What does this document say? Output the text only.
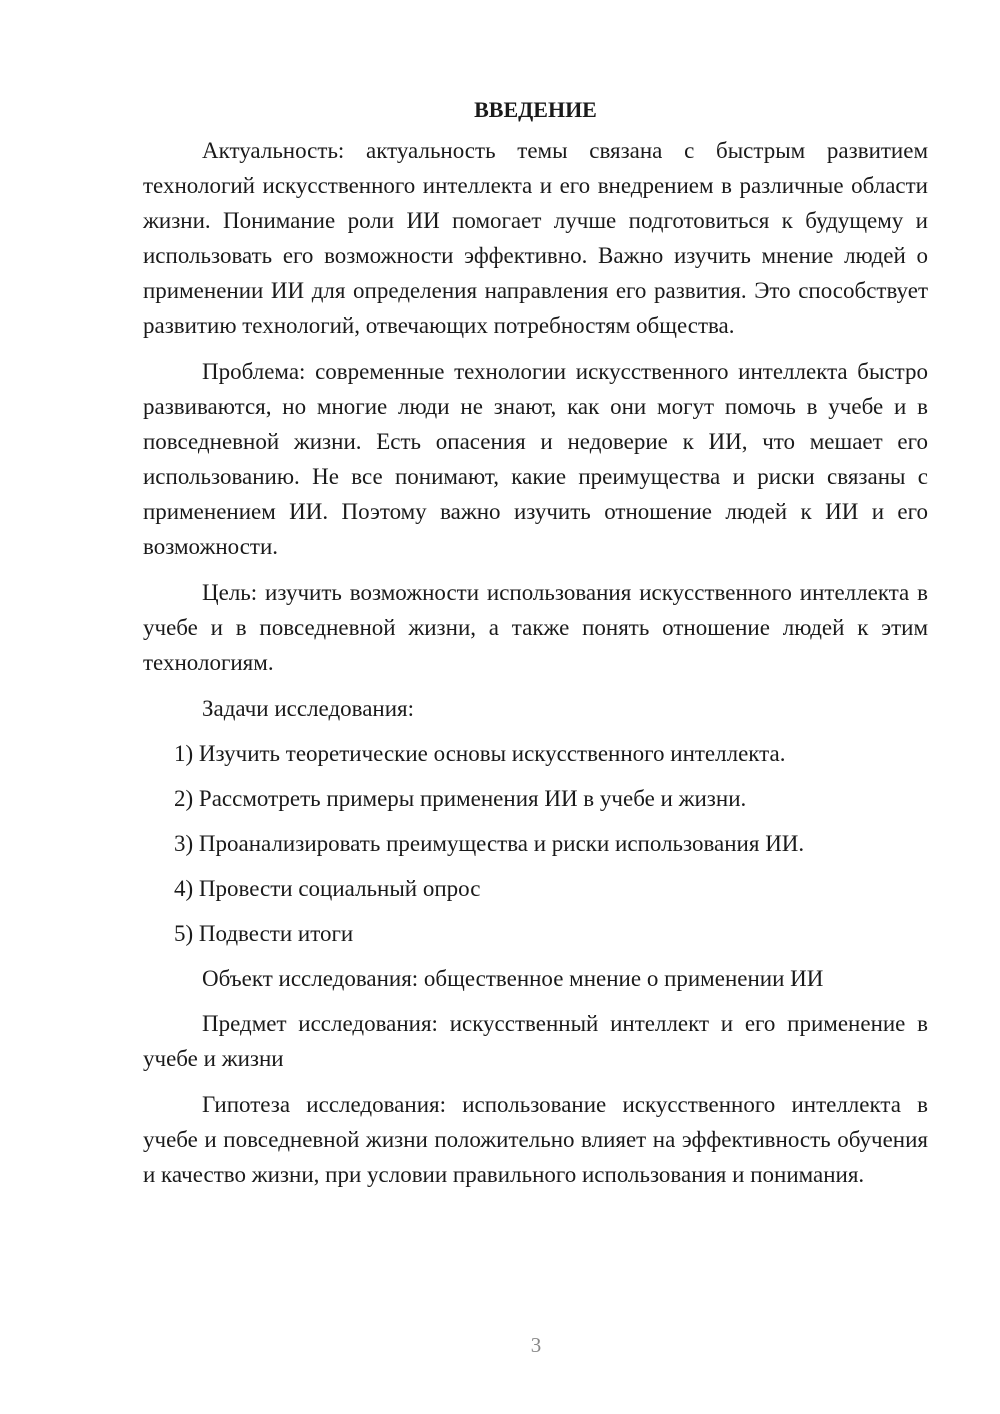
ВВЕДЕНИЕ

Актуальность: актуальность темы связана с быстрым развитием технологий искусственного интеллекта и его внедрением в различные области жизни. Понимание роли ИИ помогает лучше подготовиться к будущему и использовать его возможности эффективно. Важно изучить мнение людей о применении ИИ для определения направления его развития. Это способствует развитию технологий, отвечающих потребностям общества.

Проблема: современные технологии искусственного интеллекта быстро развиваются, но многие люди не знают, как они могут помочь в учебе и в повседневной жизни. Есть опасения и недоверие к ИИ, что мешает его использованию. Не все понимают, какие преимущества и риски связаны с применением ИИ. Поэтому важно изучить отношение людей к ИИ и его возможности.

Цель: изучить возможности использования искусственного интеллекта в учебе и в повседневной жизни, а также понять отношение людей к этим технологиям.

Задачи исследования:

1) Изучить теоретические основы искусственного интеллекта.
2) Рассмотреть примеры применения ИИ в учебе и жизни.
3) Проанализировать преимущества и риски использования ИИ.
4) Провести социальный опрос
5) Подвести итоги

Объект исследования: общественное мнение о применении ИИ

Предмет исследования: искусственный интеллект и его применение в учебе и жизни

Гипотеза исследования: использование искусственного интеллекта в учебе и повседневной жизни положительно влияет на эффективность обучения и качество жизни, при условии правильного использования и понимания.

3
